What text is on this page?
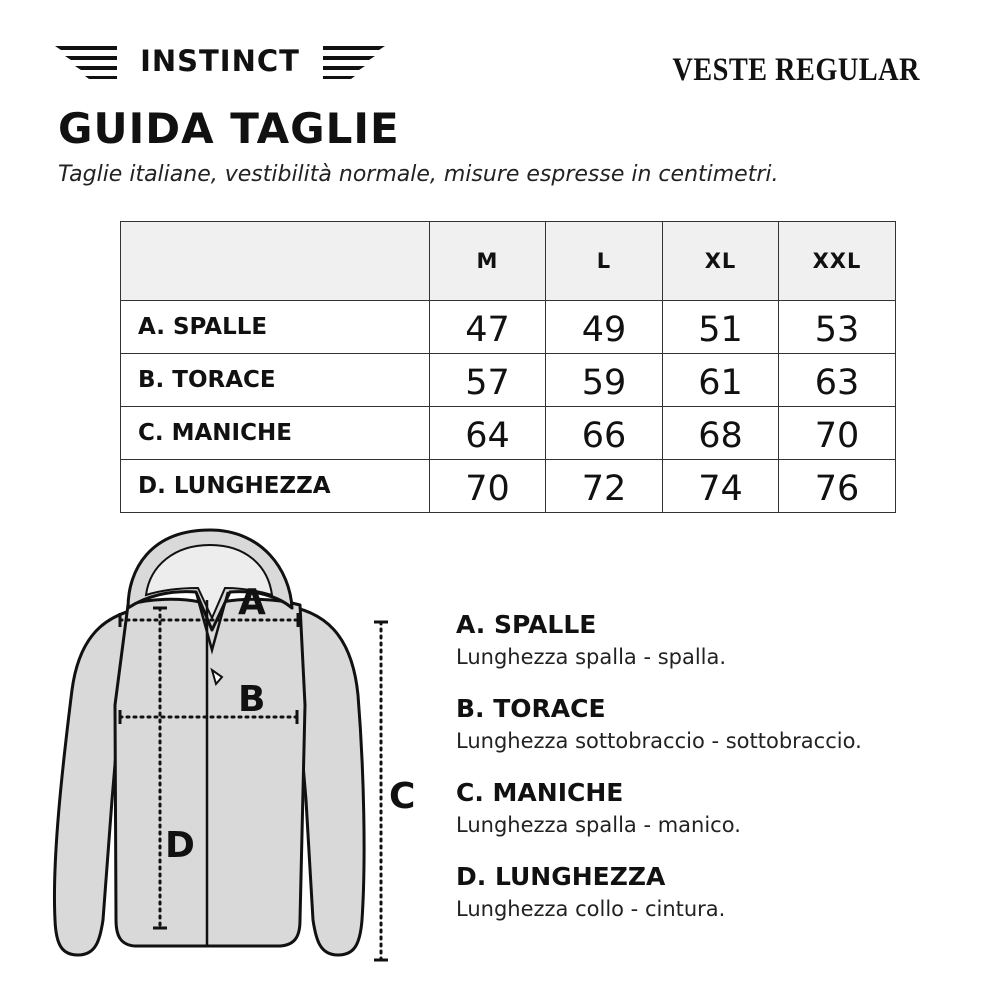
INSTINCT	VESTE REGULAR
GUIDA TAGLIE
Taglie italiane, vestibilità normale, misure espresse in centimetri.
	M	L	XL	XXL
A. SPALLE	47	49	51	53
B. TORACE	57	59	61	63
C. MANICHE	64	66	68	70
D. LUNGHEZZA	70	72	74	76
A
B
C
D
A. SPALLE
Lunghezza spalla - spalla.
B. TORACE
Lunghezza sottobraccio - sottobraccio.
C. MANICHE
Lunghezza spalla - manico.
D. LUNGHEZZA
Lunghezza collo - cintura.
